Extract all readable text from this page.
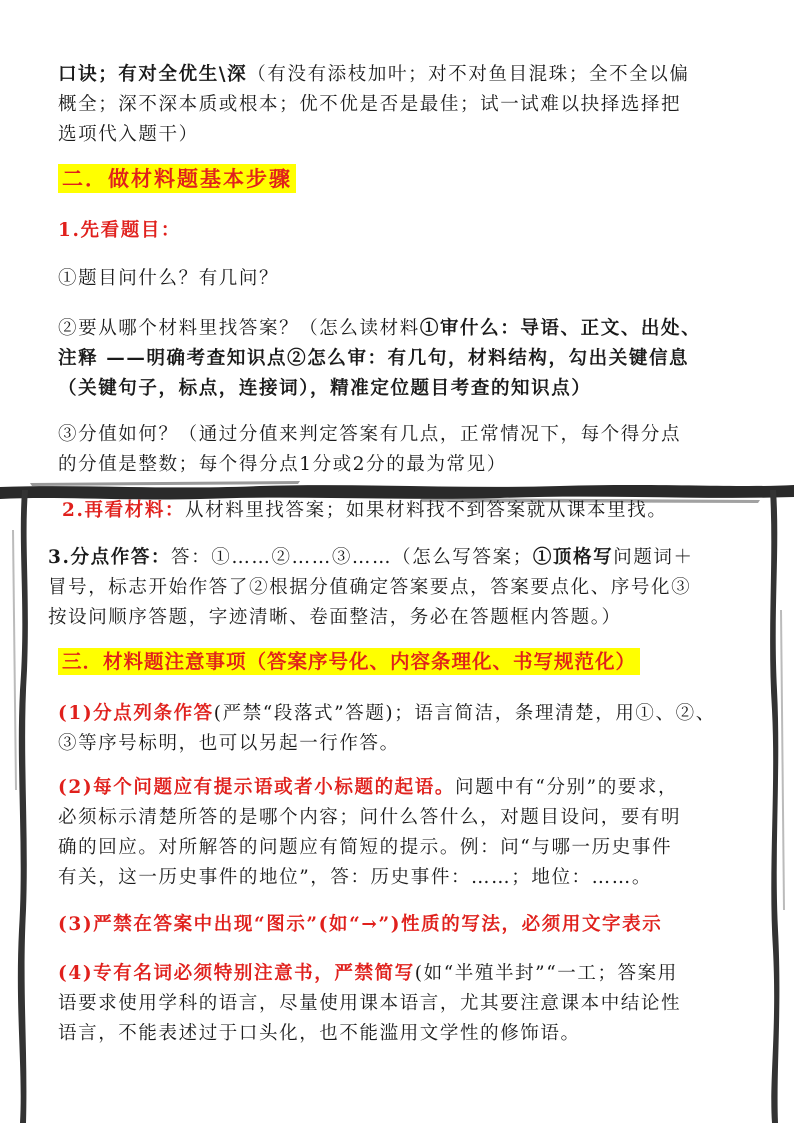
口诀；有对全优生\深（有没有添枝加叶；对不对鱼目混珠；全不全以偏

概全；深不深本质或根本；优不优是否是最佳；试一试难以抉择选择把

选项代入题干）

二．做材料题基本步骤

1.先看题目：

①题目问什么？有几问？

②要从哪个材料里找答案？（怎么读材料①审什么：导语、正文、出处、

注释 ——明确考查知识点②怎么审：有几句，材料结构，勾出关键信息

（关键句子，标点，连接词），精准定位题目考查的知识点）

③分值如何？（通过分值来判定答案有几点，正常情况下，每个得分点

的分值是整数；每个得分点1分或2分的最为常见）

2.再看材料：从材料里找答案；如果材料找不到答案就从课本里找。

3.分点作答：答：①……②……③……（怎么写答案；①顶格写问题词＋

冒号，标志开始作答了②根据分值确定答案要点，答案要点化、序号化③

按设问顺序答题，字迹清晰、卷面整洁，务必在答题框内答题。）

三．材料题注意事项（答案序号化、内容条理化、书写规范化）

(1)分点列条作答(严禁“段落式”答题)；语言简洁，条理清楚，用①、②、

③等序号标明，也可以另起一行作答。

(2)每个问题应有提示语或者小标题的起语。问题中有“分别”的要求，

必须标示清楚所答的是哪个内容；问什么答什么，对题目设问，要有明

确的回应。对所解答的问题应有简短的提示。例：问“与哪一历史事件

有关，这一历史事件的地位”，答：历史事件：……；地位：……。

(3)严禁在答案中出现“图示”(如“→”)性质的写法，必须用文字表示

(4)专有名词必须特别注意书，严禁简写(如“半殖半封”“一工；答案用

语要求使用学科的语言，尽量使用课本语言，尤其要注意课本中结论性

语言，不能表述过于口头化，也不能滥用文学性的修饰语。
